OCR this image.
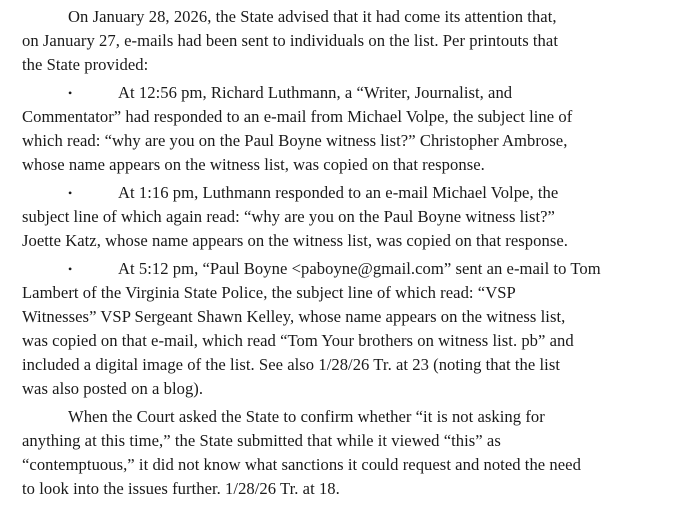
On January 28, 2026, the State advised that it had come its attention that,
on January 27, e-mails had been sent to individuals on the list. Per printouts that
the State provided:
•	At 12:56 pm, Richard Luthmann, a “Writer, Journalist, and
Commentator” had responded to an e-mail from Michael Volpe, the subject line of
which read: “why are you on the Paul Boyne witness list?” Christopher Ambrose,
whose name appears on the witness list, was copied on that response.
•	At 1:16 pm, Luthmann responded to an e-mail Michael Volpe, the
subject line of which again read: “why are you on the Paul Boyne witness list?”
Joette Katz, whose name appears on the witness list, was copied on that response.
•	At 5:12 pm, “Paul Boyne <paboyne@gmail.com” sent an e-mail to Tom
Lambert of the Virginia State Police, the subject line of which read: “VSP
Witnesses” VSP Sergeant Shawn Kelley, whose name appears on the witness list,
was copied on that e-mail, which read “Tom Your brothers on witness list. pb” and
included a digital image of the list. See also 1/28/26 Tr. at 23 (noting that the list
was also posted on a blog).
When the Court asked the State to confirm whether “it is not asking for
anything at this time,” the State submitted that while it viewed “this” as
“contemptuous,” it did not know what sanctions it could request and noted the need
to look into the issues further. 1/28/26 Tr. at 18.
